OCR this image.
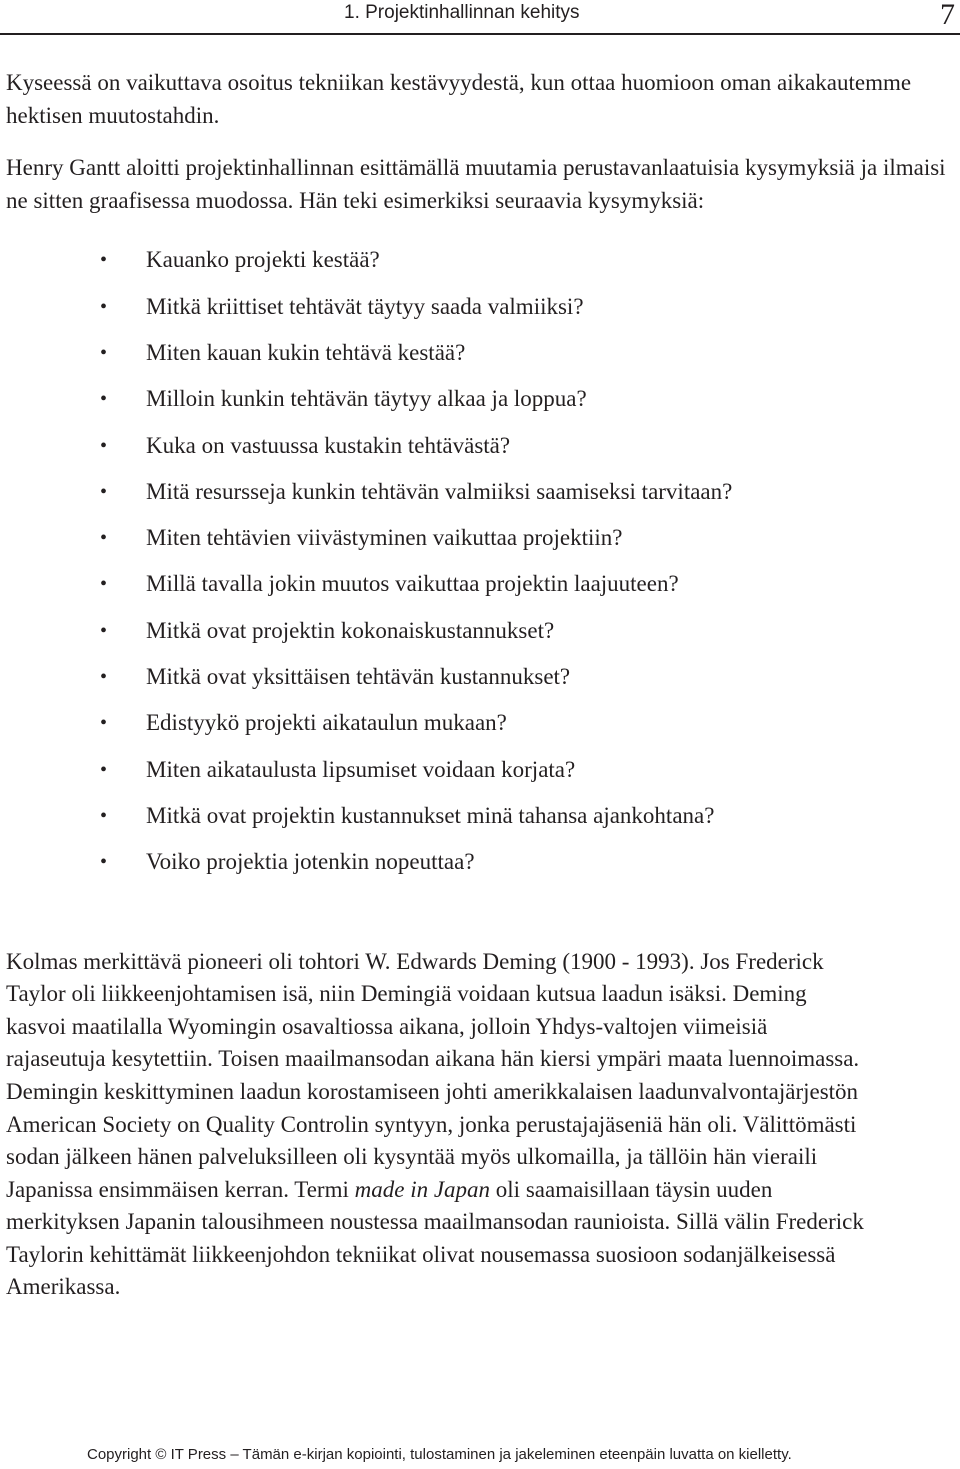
1. Projektinhallinnan kehitys	7

Kyseessä on vaikuttava osoitus tekniikan kestävyydestä, kun ottaa huomioon oman aikakautemme hektisen muutostahdin.

Henry Gantt aloitti projektinhallinnan esittämällä muutamia perustavanlaatuisia kysymyksiä ja ilmaisi ne sitten graafisessa muodossa. Hän teki esimerkiksi seuraavia kysymyksiä:

• Kauanko projekti kestää?
• Mitkä kriittiset tehtävät täytyy saada valmiiksi?
• Miten kauan kukin tehtävä kestää?
• Milloin kunkin tehtävän täytyy alkaa ja loppua?
• Kuka on vastuussa kustakin tehtävästä?
• Mitä resursseja kunkin tehtävän valmiiksi saamiseksi tarvitaan?
• Miten tehtävien viivästyminen vaikuttaa projektiin?
• Millä tavalla jokin muutos vaikuttaa projektin laajuuteen?
• Mitkä ovat projektin kokonaiskustannukset?
• Mitkä ovat yksittäisen tehtävän kustannukset?
• Edistyykö projekti aikataulun mukaan?
• Miten aikataulusta lipsumiset voidaan korjata?
• Mitkä ovat projektin kustannukset minä tahansa ajankohtana?
• Voiko projektia jotenkin nopeuttaa?

Kolmas merkittävä pioneeri oli tohtori W. Edwards Deming (1900 - 1993). Jos Frederick Taylor oli liikkeenjohtamisen isä, niin Demingiä voidaan kutsua laadun isäksi. Deming kasvoi maatilalla Wyomingin osavaltiossa aikana, jolloin Yhdys-valtojen viimeisiä rajaseutuja kesytettiin. Toisen maailmansodan aikana hän kiersi ympäri maata luennoimassa. Demingin keskittyminen laadun korostamiseen johti amerikkalaisen laadunvalvontajärjestön American Society on Quality Controlin syntyyn, jonka perustajajäseniä hän oli. Välittömästi sodan jälkeen hänen palveluksilleen oli kysyntää myös ulkomailla, ja tällöin hän vieraili Japanissa ensimmäisen kerran. Termi made in Japan oli saamaisillaan täysin uuden merkityksen Japanin talousihmeen noustessa maailmansodan raunioista. Sillä välin Frederick Taylorin kehittämät liikkeenjohdon tekniikat olivat nousemassa suosioon sodanjälkeisessä Amerikassa.

Copyright © IT Press – Tämän e-kirjan kopiointi, tulostaminen ja jakeleminen eteenpäin luvatta on kielletty.
